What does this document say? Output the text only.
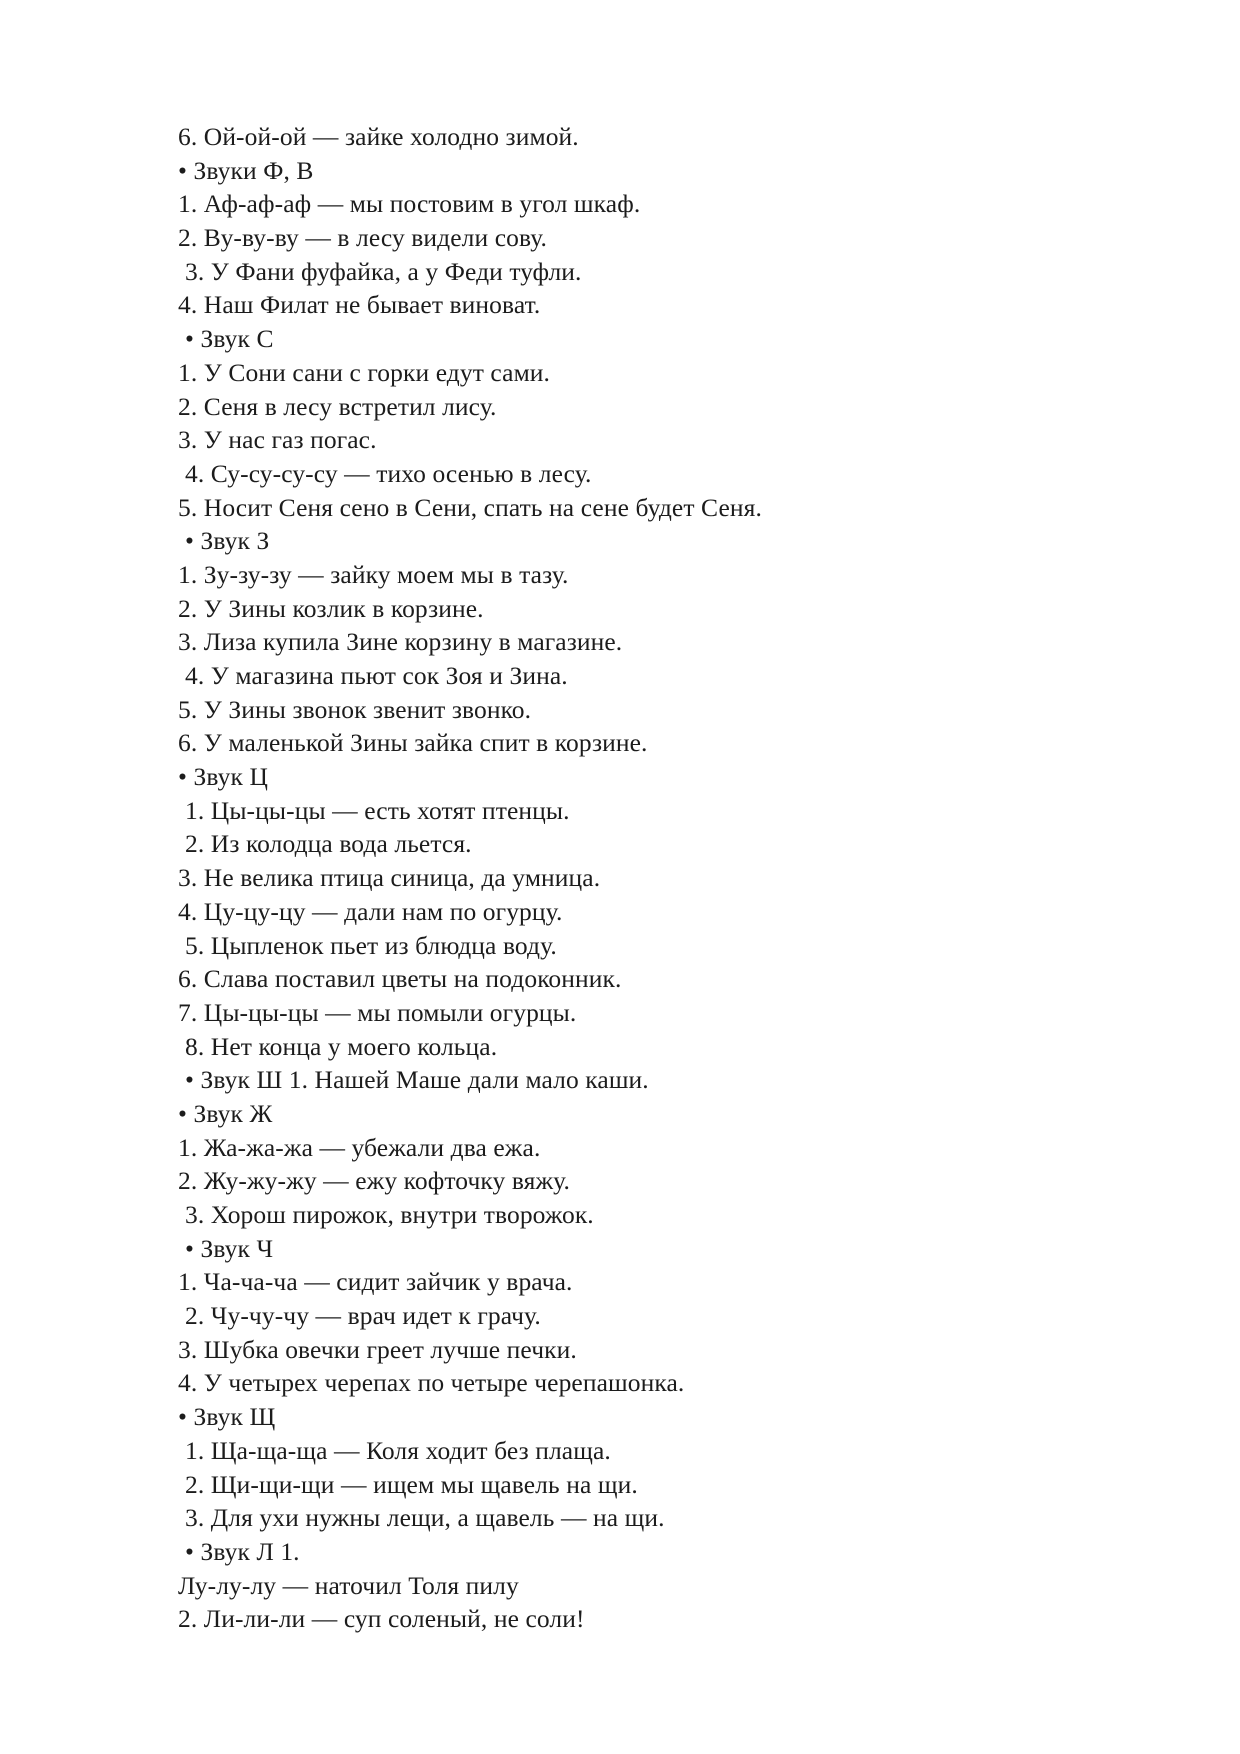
6. Ой-ой-ой — зайке холодно зимой.
• Звуки Ф, В
1. Аф-аф-аф — мы постовим в угол шкаф.
2. Ву-ву-ву — в лесу видели сову.
3. У Фани фуфайка, а у Феди туфли.
4. Наш Филат не бывает виноват.
• Звук С
1. У Сони сани с горки едут сами.
2. Сеня в лесу встретил лису.
3. У нас газ погас.
4. Су-су-су-су — тихо осенью в лесу.
5. Носит Сеня сено в Сени, спать на сене будет Сеня.
• Звук З
1. Зу-зу-зу — зайку моем мы в тазу.
2. У Зины козлик в корзине.
3. Лиза купила Зине корзину в магазине.
4. У магазина пьют сок Зоя и Зина.
5. У Зины звонок звенит звонко.
6. У маленькой Зины зайка спит в корзине.
• Звук Ц
1. Цы-цы-цы — есть хотят птенцы.
2. Из колодца вода льется.
3. Не велика птица синица, да умница.
4. Цу-цу-цу — дали нам по огурцу.
5. Цыпленок пьет из блюдца воду.
6. Слава поставил цветы на подоконник.
7. Цы-цы-цы — мы помыли огурцы.
8. Нет конца у моего кольца.
• Звук Ш 1. Нашей Маше дали мало каши.
• Звук Ж
1. Жа-жа-жа — убежали два ежа.
2. Жу-жу-жу — ежу кофточку вяжу.
3. Хорош пирожок, внутри творожок.
• Звук Ч
1. Ча-ча-ча — сидит зайчик у врача.
2. Чу-чу-чу — врач идет к грачу.
3. Шубка овечки греет лучше печки.
4. У четырех черепах по четыре черепашонка.
• Звук Щ
1. Ща-ща-ща — Коля ходит без плаща.
2. Щи-щи-щи — ищем мы щавель на щи.
3. Для ухи нужны лещи, а щавель — на щи.
• Звук Л 1.
Лу-лу-лу — наточил Толя пилу
2. Ли-ли-ли — суп соленый, не соли!
